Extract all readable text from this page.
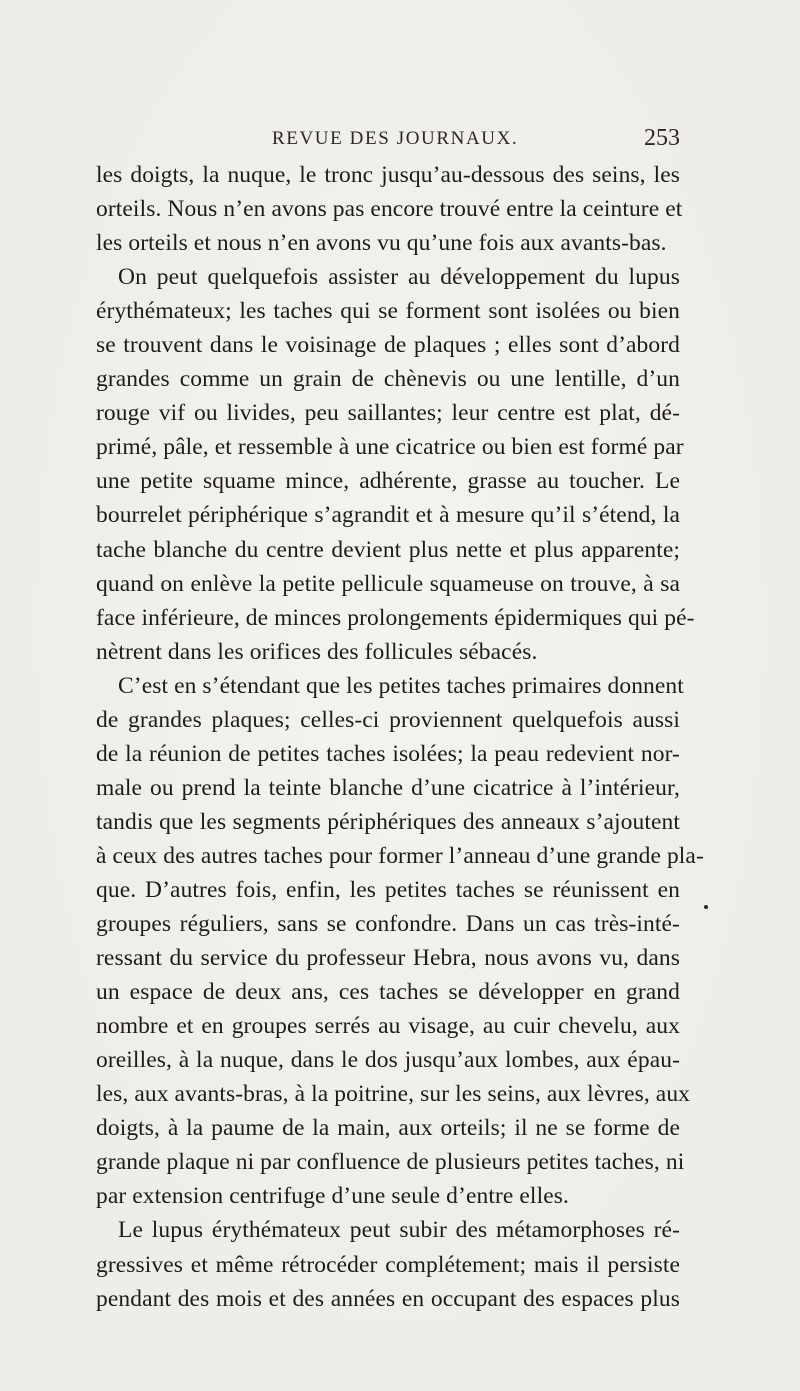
REVUE DES JOURNAUX.	253
les doigts, la nuque, le tronc jusqu’au-dessous des seins, les
orteils. Nous n’en avons pas encore trouvé entre la ceinture et
les orteils et nous n’en avons vu qu’une fois aux avants-bas.
On peut quelquefois assister au développement du lupus
érythémateux; les taches qui se forment sont isolées ou bien
se trouvent dans le voisinage de plaques ; elles sont d’abord
grandes comme un grain de chènevis ou une lentille, d’un
rouge vif ou livides, peu saillantes; leur centre est plat, dé-
primé, pâle, et ressemble à une cicatrice ou bien est formé par
une petite squame mince, adhérente, grasse au toucher. Le
bourrelet périphérique s’agrandit et à mesure qu’il s’étend, la
tache blanche du centre devient plus nette et plus apparente;
quand on enlève la petite pellicule squameuse on trouve, à sa
face inférieure, de minces prolongements épidermiques qui pé-
nètrent dans les orifices des follicules sébacés.
C’est en s’étendant que les petites taches primaires donnent
de grandes plaques; celles-ci proviennent quelquefois aussi
de la réunion de petites taches isolées; la peau redevient nor-
male ou prend la teinte blanche d’une cicatrice à l’intérieur,
tandis que les segments périphériques des anneaux s’ajoutent
à ceux des autres taches pour former l’anneau d’une grande pla-
que. D’autres fois, enfin, les petites taches se réunissent en
groupes réguliers, sans se confondre. Dans un cas très-inté-
ressant du service du professeur Hebra, nous avons vu, dans
un espace de deux ans, ces taches se développer en grand
nombre et en groupes serrés au visage, au cuir chevelu, aux
oreilles, à la nuque, dans le dos jusqu’aux lombes, aux épau-
les, aux avants-bras, à la poitrine, sur les seins, aux lèvres, aux
doigts, à la paume de la main, aux orteils; il ne se forme de
grande plaque ni par confluence de plusieurs petites taches, ni
par extension centrifuge d’une seule d’entre elles.
Le lupus érythémateux peut subir des métamorphoses ré-
gressives et même rétrocéder complétement; mais il persiste
pendant des mois et des années en occupant des espaces plus
